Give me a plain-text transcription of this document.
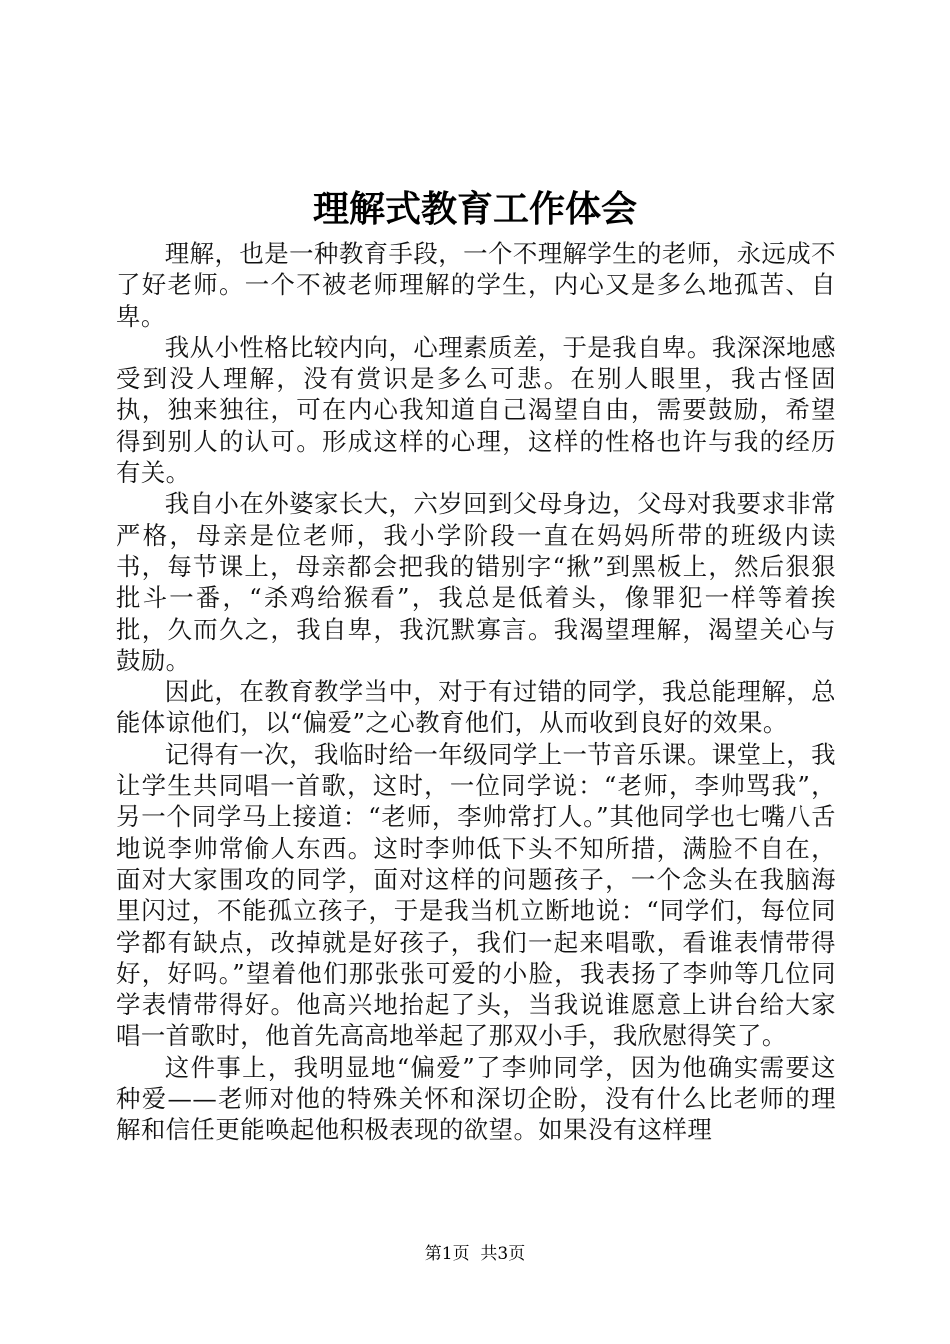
理解式教育工作体会

理解，也是一种教育手段，一个不理解学生的老师，永远成不了好老师。一个不被老师理解的学生，内心又是多么地孤苦、自卑。

我从小性格比较内向，心理素质差，于是我自卑。我深深地感受到没人理解，没有赏识是多么可悲。在别人眼里，我古怪固执，独来独往，可在内心我知道自己渴望自由，需要鼓励，希望得到别人的认可。形成这样的心理，这样的性格也许与我的经历有关。

我自小在外婆家长大，六岁回到父母身边，父母对我要求非常严格，母亲是位老师，我小学阶段一直在妈妈所带的班级内读书，每节课上，母亲都会把我的错别字“揪”到黑板上，然后狠狠批斗一番，“杀鸡给猴看”，我总是低着头，像罪犯一样等着挨批，久而久之，我自卑，我沉默寡言。我渴望理解，渴望关心与鼓励。

因此，在教育教学当中，对于有过错的同学，我总能理解，总能体谅他们，以“偏爱”之心教育他们，从而收到良好的效果。

记得有一次，我临时给一年级同学上一节音乐课。课堂上，我让学生共同唱一首歌，这时，一位同学说：“老师，李帅骂我”，另一个同学马上接道：“老师，李帅常打人。”其他同学也七嘴八舌地说李帅常偷人东西。这时李帅低下头不知所措，满脸不自在，面对大家围攻的同学，面对这样的问题孩子，一个念头在我脑海里闪过，不能孤立孩子，于是我当机立断地说：“同学们，每位同学都有缺点，改掉就是好孩子，我们一起来唱歌，看谁表情带得好，好吗。”望着他们那张张可爱的小脸，我表扬了李帅等几位同学表情带得好。他高兴地抬起了头，当我说谁愿意上讲台给大家唱一首歌时，他首先高高地举起了那双小手，我欣慰得笑了。

这件事上，我明显地“偏爱”了李帅同学，因为他确实需要这种爱——老师对他的特殊关怀和深切企盼，没有什么比老师的理解和信任更能唤起他积极表现的欲望。如果没有这样理

第1页 共3页
